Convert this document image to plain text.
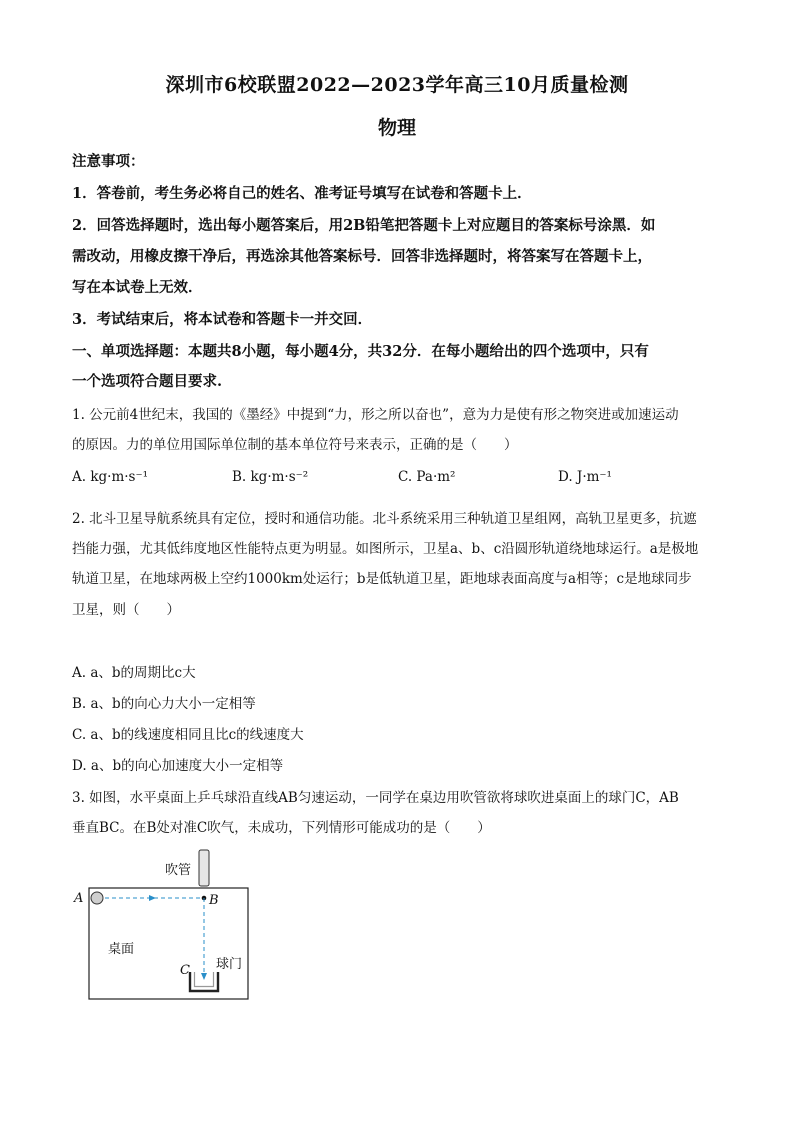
深圳市6校联盟2022—2023学年高三10月质量检测
物理
注意事项：
1．答卷前，考生务必将自己的姓名、准考证号填写在试卷和答题卡上．
2．回答选择题时，选出每小题答案后，用2B铅笔把答题卡上对应题目的答案标号涂黑．如
需改动，用橡皮擦干净后，再选涂其他答案标号．回答非选择题时，将答案写在答题卡上，
写在本试卷上无效．
3．考试结束后，将本试卷和答题卡一并交回．
一、单项选择题：本题共8小题，每小题4分，共32分．在每小题给出的四个选项中，只有
一个选项符合题目要求.
1. 公元前4世纪末，我国的《墨经》中提到“力，形之所以奋也”，意为力是使有形之物突进或加速运动
的原因。力的单位用国际单位制的基本单位符号来表示，正确的是（　　）
A. kg·m·s⁻¹	B. kg·m·s⁻²	C. Pa·m²	D. J·m⁻¹
2. 北斗卫星导航系统具有定位，授时和通信功能。北斗系统采用三种轨道卫星组网，高轨卫星更多，抗遮
挡能力强，尤其低纬度地区性能特点更为明显。如图所示，卫星a、b、c沿圆形轨道绕地球运行。a是极地
轨道卫星，在地球两极上空约1000km处运行；b是低轨道卫星，距地球表面高度与a相等；c是地球同步
卫星，则（　　）
A. a、b的周期比c大
B. a、b的向心力大小一定相等
C. a、b的线速度相同且比c的线速度大
D. a、b的向心加速度大小一定相等
3. 如图，水平桌面上乒乓球沿直线AB匀速运动，一同学在桌边用吹管欲将球吹进桌面上的球门C，AB
垂直BC。在B处对准C吹气，未成功，下列情形可能成功的是（　　）
吹管
A	B
桌面
球门
C
